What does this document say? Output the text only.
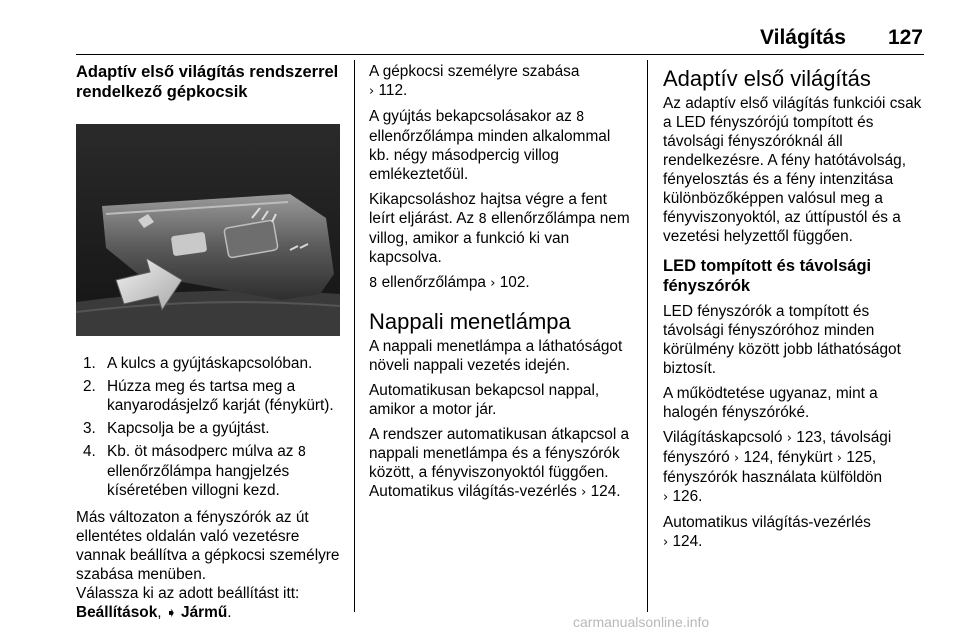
Világítás 127
Adaptív első világítás rendszerrel rendelkező gépkocsik
1. A kulcs a gyújtáskapcsolóban.
2. Húzza meg és tartsa meg a kanyarodásjelző karját (fénykürt).
3. Kapcsolja be a gyújtást.
4. Kb. öt másodperc múlva az 8 ellenőrzőlámpa hangjelzés kíséretében villogni kezd.

Más változaton a fényszórók az út ellentétes oldalán való vezetésre vannak beállítva a gépkocsi személyre szabása menüben.

Válassza ki az adott beállítást itt:
Beállítások, ➧ Jármű.

A gépkocsi személyre szabása
› 112.

A gyújtás bekapcsolásakor az 8 ellenőrzőlámpa minden alkalommal kb. négy másodpercig villog emlékeztetőül.

Kikapcsoláshoz hajtsa végre a fent leírt eljárást. Az 8 ellenőrzőlámpa nem villog, amikor a funkció ki van kapcsolva.

8 ellenőrzőlámpa › 102.

Nappali menetlámpa

A nappali menetlámpa a láthatóságot növeli nappali vezetés idején.

Automatikusan bekapcsol nappal, amikor a motor jár.

A rendszer automatikusan átkapcsol a nappali menetlámpa és a fényszórók között, a fényviszonyoktól függően. Automatikus világítás-vezérlés › 124.

Adaptív első világítás

Az adaptív első világítás funkciói csak a LED fényszórójú tompított és távolsági fényszóróknál áll rendelkezésre. A fény hatótávolság, fényelosztás és a fény intenzitása különbözőképpen valósul meg a fényviszonyoktól, az úttípustól és a vezetési helyzettől függően.

LED tompított és távolsági fényszórók

LED fényszórók a tompított és távolsági fényszóróhoz minden körülmény között jobb láthatóságot biztosít.

A működtetése ugyanaz, mint a halogén fényszóróké.

Világításkapcsoló › 123, távolsági fényszóró › 124, fénykürt › 125, fényszórók használata külföldön
› 126.

Automatikus világítás-vezérlés
› 124.

carmanualsonline.info
